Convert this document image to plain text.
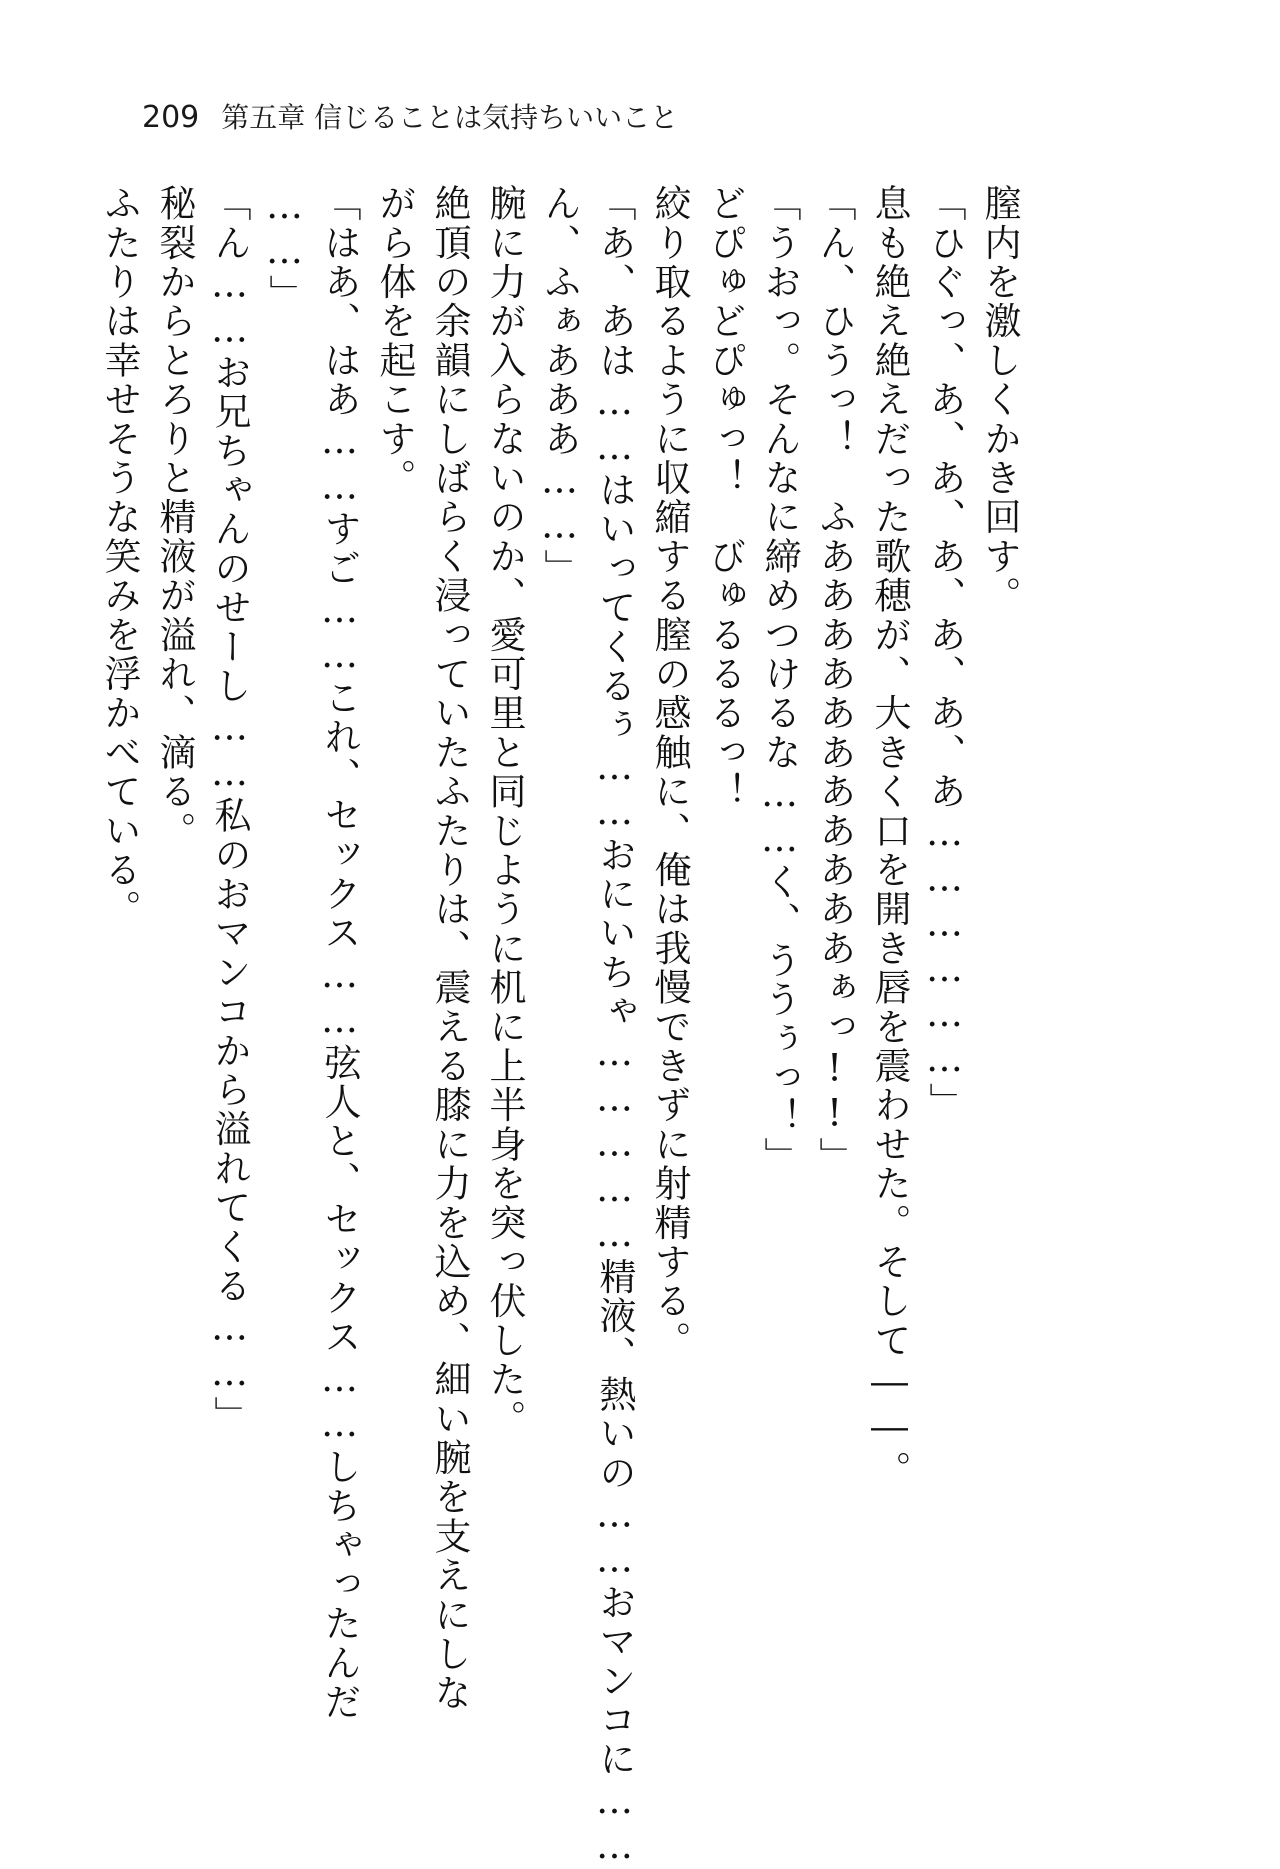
209 第五章 信じることは気持ちいいこと
膣内を激しくかき回す。
「ひぐっ、あ、あ、あ、あ、あ、あ………………」
息も絶え絶えだった歌穂が、大きく口を開き唇を震わせた。そして――。
「ん、ひうっ！　ふあああああああああああぁっ!!」
「うおっ。そんなに締めつけるな……く、ううぅっ！」
どぴゅどぴゅっ！　びゅるるるっ！
絞り取るように収縮する膣の感触に、俺は我慢できずに射精する。
「あ、あは……はいってくるぅ……おにいちゃ……………精液、熱いの……おマンコに……
ん、ふぁあああ……」
腕に力が入らないのか、愛可里と同じように机に上半身を突っ伏した。
絶頂の余韻にしばらく浸っていたふたりは、震える膝に力を込め、細い腕を支えにしな
がら体を起こす。
「はあ、はあ……すご……これ、セックス……弦人と、セックス……しちゃったんだ
……」
「ん……お兄ちゃんのせーし……私のおマンコから溢れてくる……」
秘裂からとろりと精液が溢れ、滴る。
ふたりは幸せそうな笑みを浮かべている。
